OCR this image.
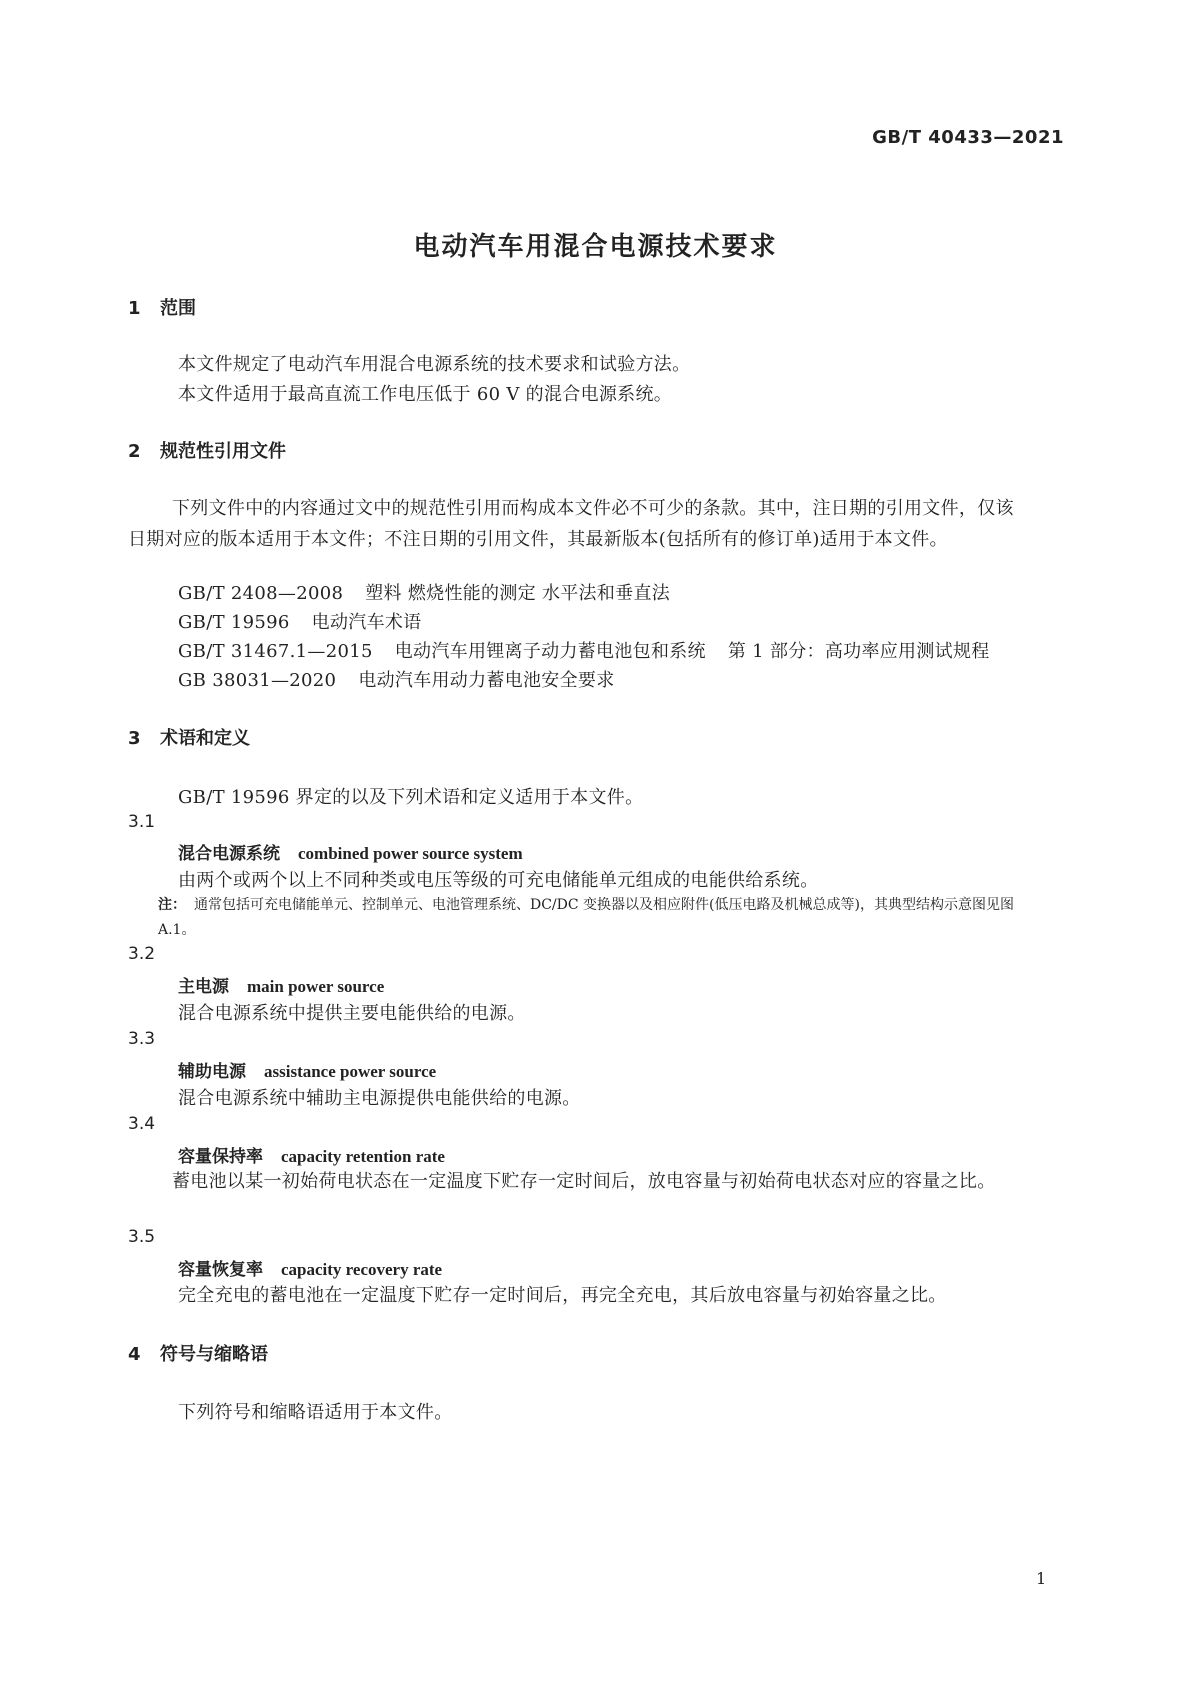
GB/T 40433—2021
电动汽车用混合电源技术要求
1 范围
本文件规定了电动汽车用混合电源系统的技术要求和试验方法。
本文件适用于最高直流工作电压低于 60 V 的混合电源系统。
2 规范性引用文件
下列文件中的内容通过文中的规范性引用而构成本文件必不可少的条款。其中，注日期的引用文件，仅该日期对应的版本适用于本文件；不注日期的引用文件，其最新版本(包括所有的修订单)适用于本文件。
GB/T 2408—2008 塑料 燃烧性能的测定 水平法和垂直法
GB/T 19596 电动汽车术语
GB/T 31467.1—2015 电动汽车用锂离子动力蓄电池包和系统 第 1 部分：高功率应用测试规程
GB 38031—2020 电动汽车用动力蓄电池安全要求
3 术语和定义
GB/T 19596 界定的以及下列术语和定义适用于本文件。
3.1
混合电源系统 combined power source system
由两个或两个以上不同种类或电压等级的可充电储能单元组成的电能供给系统。
注： 通常包括可充电储能单元、控制单元、电池管理系统、DC/DC 变换器以及相应附件(低压电路及机械总成等)，其典型结构示意图见图 A.1。
3.2
主电源 main power source
混合电源系统中提供主要电能供给的电源。
3.3
辅助电源 assistance power source
混合电源系统中辅助主电源提供电能供给的电源。
3.4
容量保持率 capacity retention rate
蓄电池以某一初始荷电状态在一定温度下贮存一定时间后，放电容量与初始荷电状态对应的容量之比。
3.5
容量恢复率 capacity recovery rate
完全充电的蓄电池在一定温度下贮存一定时间后，再完全充电，其后放电容量与初始容量之比。
4 符号与缩略语
下列符号和缩略语适用于本文件。
1
